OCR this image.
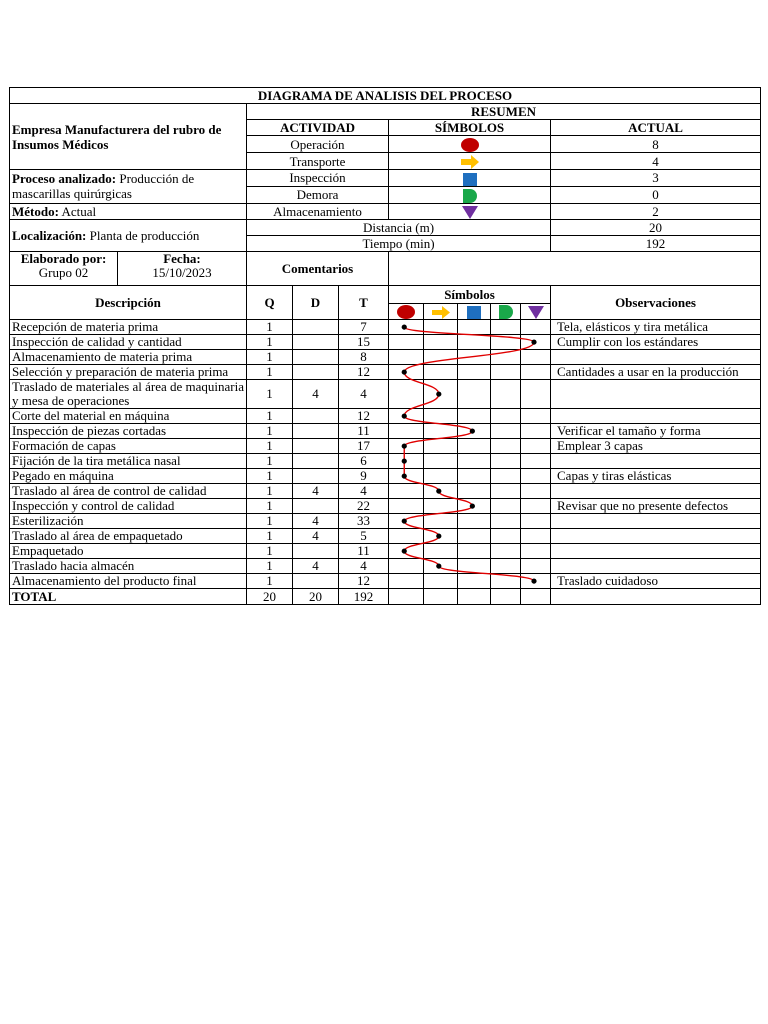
DIAGRAMA DE ANALISIS DEL PROCESO			
Empresa Manufacturera del rubro de Insumos Médicos	RESUMEN		
	ACTIVIDAD	SÍMBOLOS	ACTUAL
	Operación		8
	Transporte		4
Proceso analizado: Producción de mascarillas quirúrgicas	Inspección		3
	Demora		0
Método: Actual		
	Almacenamiento		2
Localización: Planta de producción	Distancia (m)		20
	Tiempo (min)		192
Elaborado por:
Grupo 02
Fecha:
15/10/2023	Comentarios								
Descripción	Q	D	T	Símbolos					Observaciones

Recepción de materia prima	1		7						Tela, elásticos y tira metálica
Inspección de calidad y cantidad	1		15						Cumplir con los estándares
Almacenamiento de materia prima	1		8						
Selección y preparación de materia prima	1		12						Cantidades a usar en la producción
Traslado de materiales al área de maquinaria y mesa de operaciones	1	4	4						
Corte del material en máquina	1		12						
Inspección de piezas cortadas	1		11						Verificar el tamaño y forma
Formación de capas	1		17						Emplear 3 capas
Fijación de la tira metálica nasal	1		6						
Pegado en máquina	1		9						Capas y tiras elásticas
Traslado al área de control de calidad	1	4	4						
Inspección y control de calidad	1		22						Revisar que no presente defectos
Esterilización	1	4	33						
Traslado al área de empaquetado	1	4	5						
Empaquetado	1		11						
Traslado hacia almacén	1	4	4						
Almacenamiento del producto final	1		12						Traslado cuidadoso
TOTAL	20	20	192						
